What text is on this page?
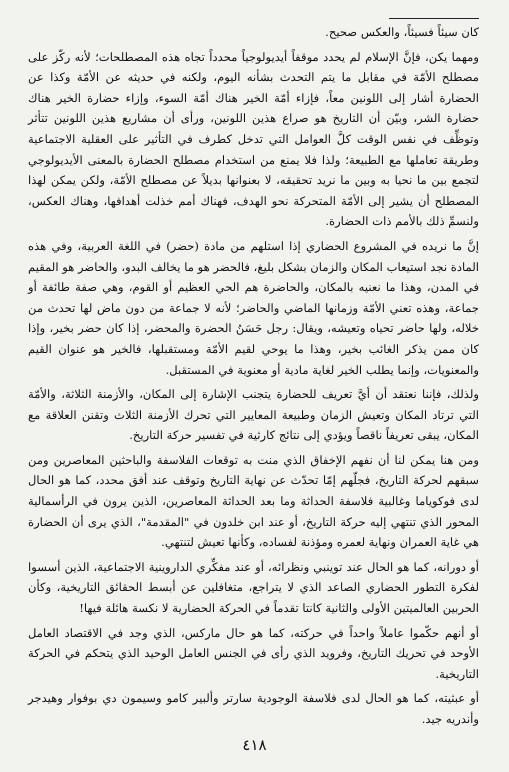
كان سيئاً فسيئاً، والعكس صحيح.

ومهما يكن، فإنَّ الإسلام لم يحدد موقفاً أيديولوجياً محدداً تجاه هذه المصطلحات؛ لأنه ركّز على مصطلح الأمّة في مقابل ما يتم التحدث بشأنه اليوم، ولكنه في حديثه عن الأمّة وكذا عن الحضارة أشار إلى اللونين معاً، فإزاء أمّة الخير هناك أمّة السوء، وإزاء حضارة الخير هناك حضارة الشر، وبيّن أن التاريخ هو صراع هذين اللونين، ورأى أن مشاريع هذين اللونين تتأثر وتوظِّف في نفس الوقت كلَّ العوامل التي تدخل كطرف في التأثير على العقلية الاجتماعية وطريقة تعاملها مع الطبيعة؛ ولذا فلا يمنع من استخدام مصطلح الحضارة بالمعنى الأيديولوجي لتجمع بين ما نحيا به وبين ما نريد تحقيقه، لا بعنوانها بديلاً عن مصطلح الأمّة، ولكن يمكن لهذا المصطلح أن يشير إلى الأمّة المتحركة نحو الهدف، فهناك أمم خذلت أهدافها، وهناك العكس، ولنسمِّ ذلك بالأمم ذات الحضارة.

إنَّ ما نريده في المشروع الحضاري إذا استلهم من مادة (حضر) في اللغة العربية، وفي هذه المادة نجد استيعاب المكان والزمان بشكل بليغ، فالحضر هو ما يخالف البدو، والحاضر هو المقيم في المدن، وهذا ما نعنيه بالمكان، والحاضرة هم الحي العظيم أو القوم، وهي صفة طائفة أو جماعة، وهذه تعني الأمّة وزمانها الماضي والحاضر؛ لأنه لا جماعة من دون ماض لها تحدث من خلاله، ولها حاضر تحياه وتعيشه، ويقال: رجل حَسَنُ الحضرة والمحضر، إذا كان حضر بخير، وإذا كان ممن يذكر الغائب بخير، وهذا ما يوحي لقيم الأمّة ومستقبلها، فالخير هو عنوان القيم والمعنويات، وإنما يطلب الخير لغاية مادية أو معنوية في المستقبل.

ولذلك، فإننا نعتقد أن أيَّ تعريف للحضارة يتجنب الإشارة إلى المكان، والأزمنة الثلاثة، والأمّة التي ترتاد المكان وتعيش الزمان وطبيعة المعايير التي تحرك الأزمنة الثلاث وتقنن العلاقة مع المكان، يبقى تعريفاً ناقصاً ويؤدي إلى نتائج كارثية في تفسير حركة التاريخ.

ومن هنا يمكن لنا أن نفهم الإخفاق الذي منت به توقعات الفلاسفة والباحثين المعاصرين ومن سبقهم لحركة التاريخ، فجلّهم إمّا تحدّث عن نهاية التاريخ وتوقف عند أفق محدد، كما هو الحال لدى فوكوياما وغالبية فلاسفة الحداثة وما بعد الحداثة المعاصرين، الذين يرون في الرأسمالية المحور الذي تنتهي إليه حركة التاريخ، أو عند ابن خلدون في "المقدمة"، الذي يرى أن الحضارة هي غاية العمران ونهاية لعمره ومؤذنة لفساده، وكأنها تعيش لتنتهي.

أو دورانه، كما هو الحال عند توينبي ونظرائه، أو عند مفكِّري الداروينية الاجتماعية، الذين أسسوا لفكرة التطور الحضاري الصاعد الذي لا يتراجع، متغافلين عن أبسط الحقائق التاريخية، وكأن الحربين العالميتين الأولى والثانية كانتا تقدماً في الحركة الحضارية لا نكسة هائلة فيها!

أو أنهم حكّموا عاملاً واحداً في حركته، كما هو حال ماركس، الذي وجد في الاقتصاد العامل الأوحد في تحريك التاريخ، وفرويد الذي رأى في الجنس العامل الوحيد الذي يتحكم في الحركة التاريخية.

أو عبثيته، كما هو الحال لدى فلاسفة الوجودية سارتر وألبير كامو وسيمون دي بوفوار وهيدجر وأندريه جيد.

٤١٨
